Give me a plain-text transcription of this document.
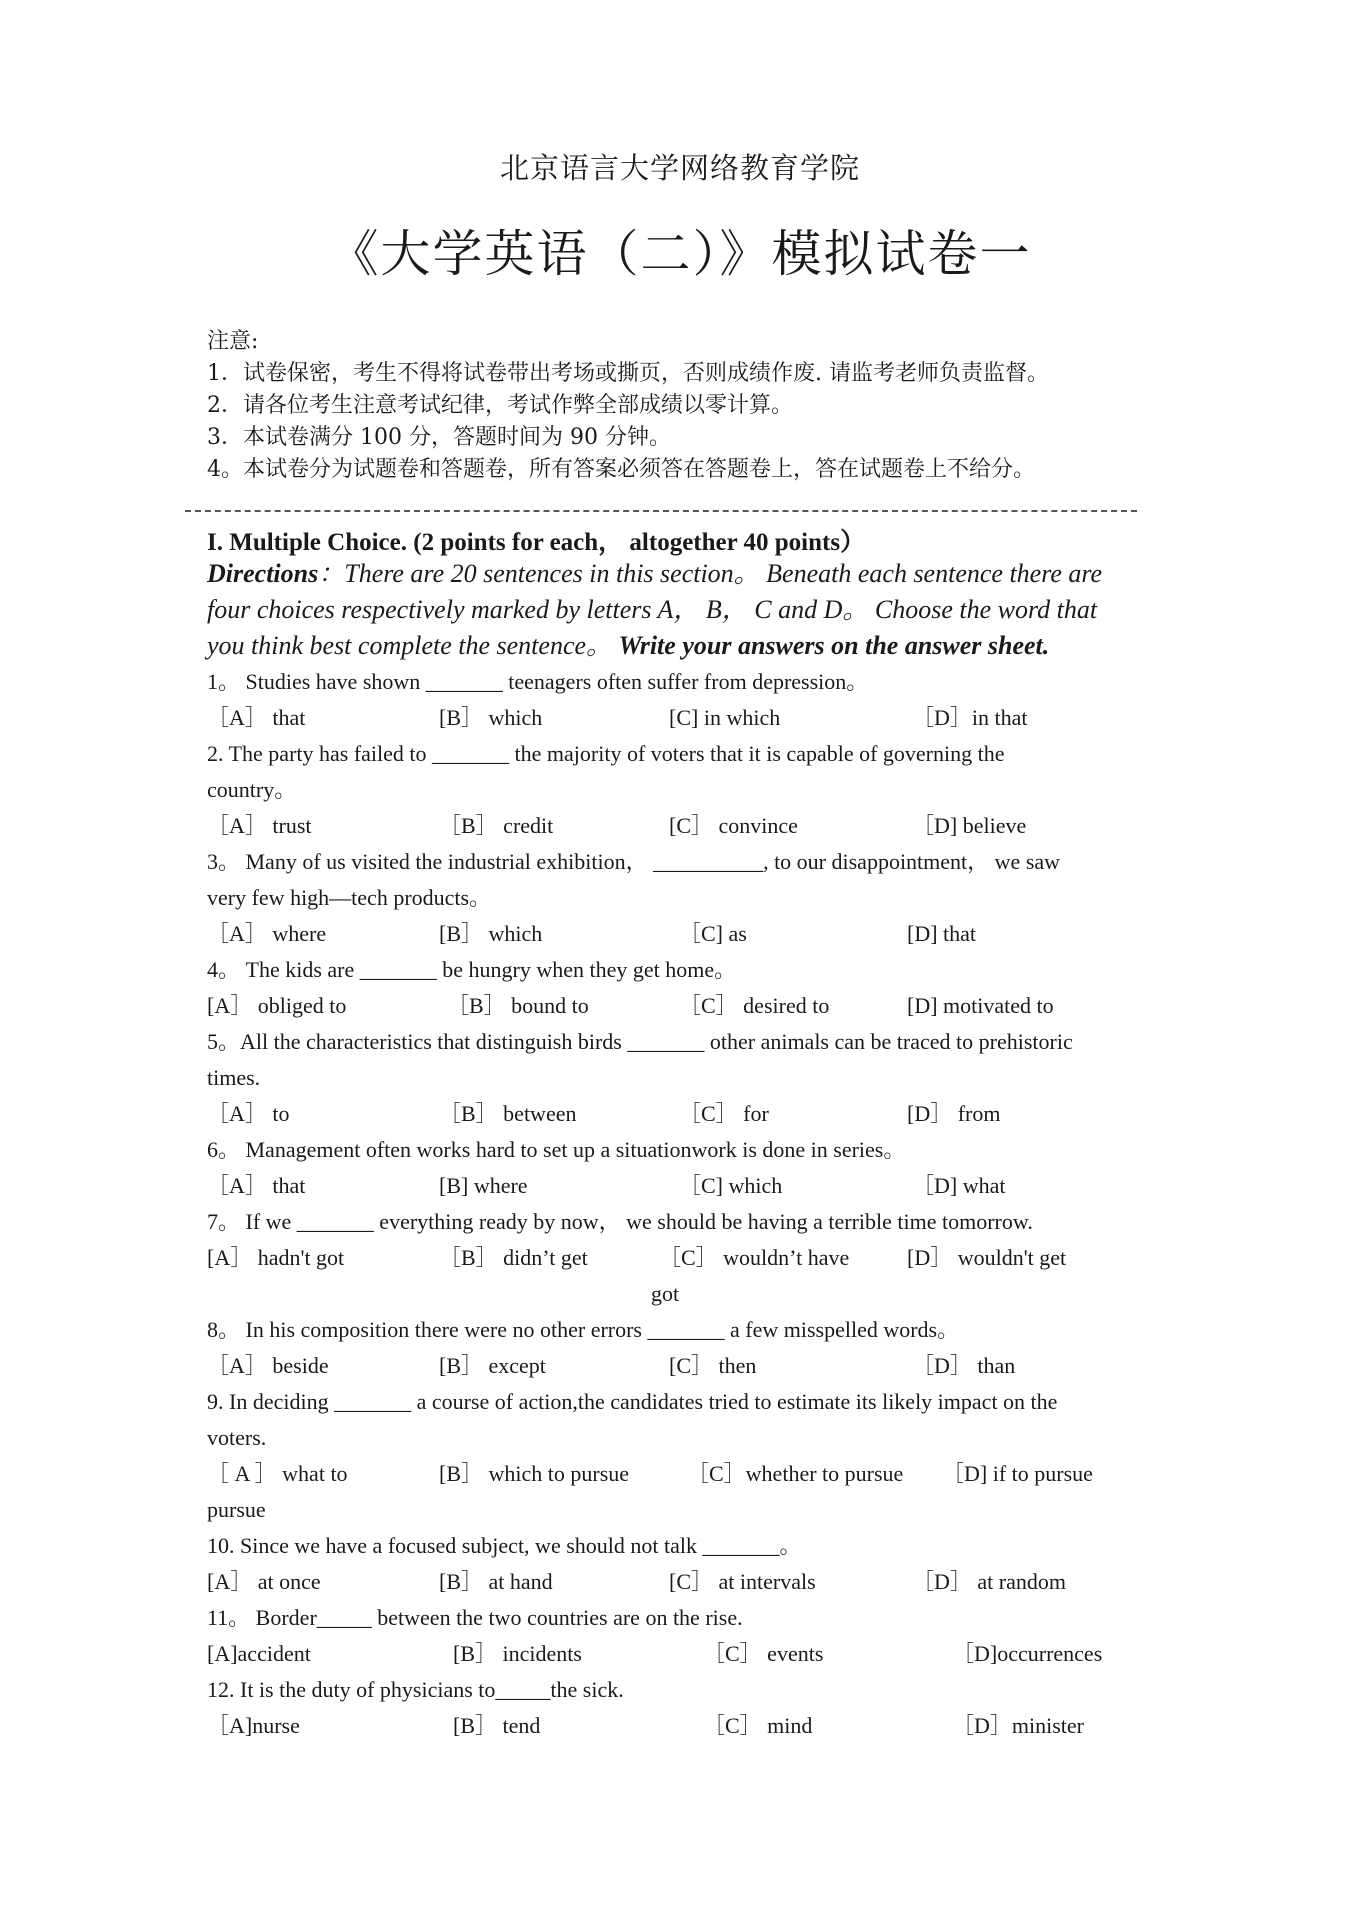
北京语言大学网络教育学院
《大学英语（二）》模拟试卷一
注意:
1．试卷保密，考生不得将试卷带出考场或撕页，否则成绩作废. 请监考老师负责监督。
2．请各位考生注意考试纪律，考试作弊全部成绩以零计算。
3．本试卷满分 100 分，答题时间为 90 分钟。
4。本试卷分为试题卷和答题卷，所有答案必须答在答题卷上，答在试题卷上不给分。
I. Multiple Choice. (2 points for each， altogether 40 points）
Directions：There are 20 sentences in this section。 Beneath each sentence there are
four choices respectively marked by letters A， B， C and D。 Choose the word that
you think best complete the sentence。 Write your answers on the answer sheet.
1。 Studies have shown _______ teenagers often suffer from depression。
［A］ that	[B］ which	[C] in which	［D］in that
2. The party has failed to _______ the majority of voters that it is capable of governing the
country。
［A］ trust	［B］ credit	[C］ convince	［D] believe
3。 Many of us visited the industrial exhibition， __________, to our disappointment， we saw
very few high—tech products。
［A］ where	[B］ which	［C] as	[D] that
4。 The kids are _______ be hungry when they get home。
[A］ obliged to	［B］ bound to	［C］ desired to	[D] motivated to
5。All the characteristics that distinguish birds _______ other animals can be traced to prehistoric
times.
［A］ to	［B］ between	［C］ for	[D］ from
6。 Management often works hard to set up a situationwork is done in series。
［A］ that	[B] where	［C] which	［D] what
7。 If we _______ everything ready by now， we should be having a terrible time tomorrow.
[A］ hadn't got	［B］ didn’t get	［C］ wouldn’t have	[D］ wouldn't get
got
8。 In his composition there were no other errors _______ a few misspelled words。
［A］ beside	[B］ except	[C］ then	［D］ than
9. In deciding _______ a course of action,the candidates tried to estimate its likely impact on the
voters.
［ A ］ what to	[B］ which to pursue	［C］whether to pursue ［D] if to pursue
pursue
10. Since we have a focused subject, we should not talk _______。
[A］ at once	[B］ at hand	[C］ at intervals	［D］ at random
11。 Border_____ between the two countries are on the rise.
[A]accident	[B］ incidents	［C］ events	［D]occurrences
12. It is the duty of physicians to_____the sick.
［A]nurse	[B］ tend	［C］ mind	［D］minister
